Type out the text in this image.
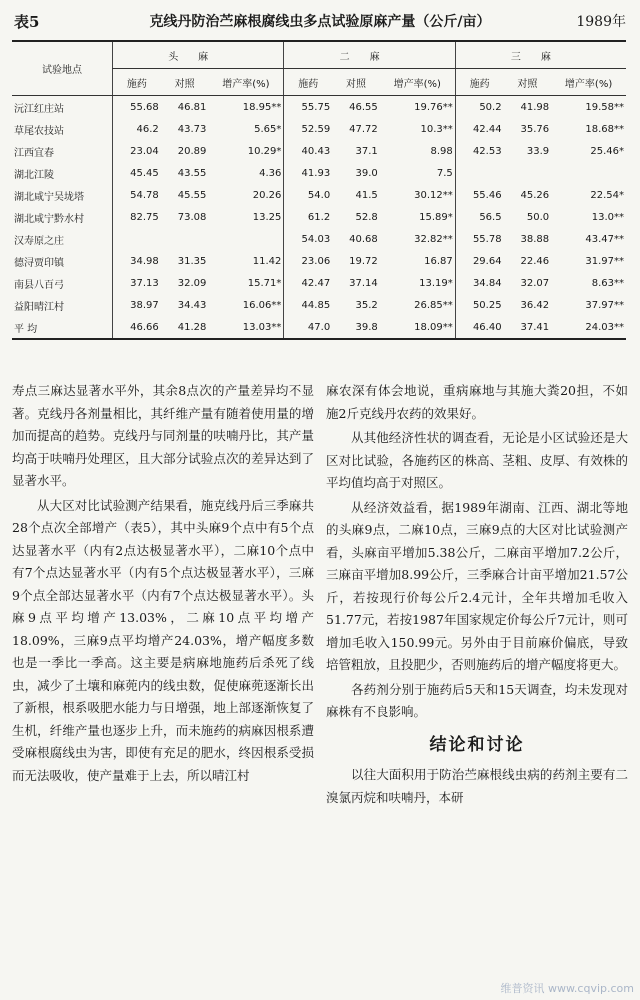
表5	克线丹防治苎麻根腐线虫多点试验原麻产量（公斤/亩）	1989年
试验地点	头麻			二麻			三麻		
	施药	对照	增产率(%)	施药	对照	增产率(%)	施药	对照	增产率(%)
沅江红庄站	55.68	46.81	18.95**	55.75	46.55	19.76**	50.2	41.98	19.58**
草尾农技站	46.2	43.73	5.65*	52.59	47.72	10.3**	42.44	35.76	18.68**
江西宜春	23.04	20.89	10.29*	40.43	37.1	8.98	42.53	33.9	25.46*
湖北江陵	45.45	43.55	4.36	41.93	39.0	7.5			
湖北咸宁吴垅塔	54.78	45.55	20.26	54.0	41.5	30.12**	55.46	45.26	22.54*
湖北咸宁黔水村	82.75	73.08	13.25	61.2	52.8	15.89*	56.5	50.0	13.0**
汉寿原之庄				54.03	40.68	32.82**	55.78	38.88	43.47**
德浔贾印镇	34.98	31.35	11.42	23.06	19.72	16.87	29.64	22.46	31.97**
南县八百弓	37.13	32.09	15.71*	42.47	37.14	13.19*	34.84	32.07	8.63**
益阳晴江村	38.97	34.43	16.06**	44.85	35.2	26.85**	50.25	36.42	37.97**
平 均	46.66	41.28	13.03**	47.0	39.8	18.09**	46.40	37.41	24.03**

寿点三麻达显著水平外，其余8点次的产量差异均不显著。克线丹各剂量相比，其纤维产量有随着使用量的增加而提高的趋势。克线丹与同剂量的呋喃丹比，其产量均高于呋喃丹处理区，且大部分试验点次的差异达到了显著水平。

从大区对比试验测产结果看，施克线丹后三季麻共28个点次全部增产（表5），其中头麻9个点中有5个点达显著水平（内有2点达极显著水平），二麻10个点中有7个点达显著水平（内有5个点达极显著水平），三麻9个点全部达显著水平（内有7个点达极显著水平）。头麻9点平均增产13.03%，二麻10点平均增产18.09%，三麻9点平均增产24.03%，增产幅度多数也是一季比一季高。这主要是病麻地施药后杀死了线虫，减少了土壤和麻蔸内的线虫数，促使麻蔸逐渐长出了新根，根系吸肥水能力与日增强，地上部逐渐恢复了生机，纤维产量也逐步上升，而未施药的病麻因根系遭受麻根腐线虫为害，即使有充足的肥水，终因根系受损而无法吸收，使产量难于上去，所以晴江村

麻农深有体会地说，重病麻地与其施大粪20担，不如施2斤克线丹农药的效果好。

从其他经济性状的调查看，无论是小区试验还是大区对比试验，各施药区的株高、茎粗、皮厚、有效株的平均值均高于对照区。

从经济效益看，据1989年湖南、江西、湖北等地的头麻9点，二麻10点，三麻9点的大区对比试验测产看，头麻亩平增加5.38公斤，二麻亩平增加7.2公斤，三麻亩平增加8.99公斤，三季麻合计亩平增加21.57公斤，若按现行价每公斤2.4元计，全年共增加毛收入51.77元，若按1987年国家规定价每公斤7元计，则可增加毛收入150.99元。另外由于目前麻价偏底，导致培管粗放，且投肥少，否则施药后的增产幅度将更大。

各药剂分别于施药后5天和15天调查，均未发现对麻株有不良影响。

结论和讨论

以往大面积用于防治苎麻根线虫病的药剂主要有二溴氯丙烷和呋喃丹，本研

维普资讯 www.cqvip.com
